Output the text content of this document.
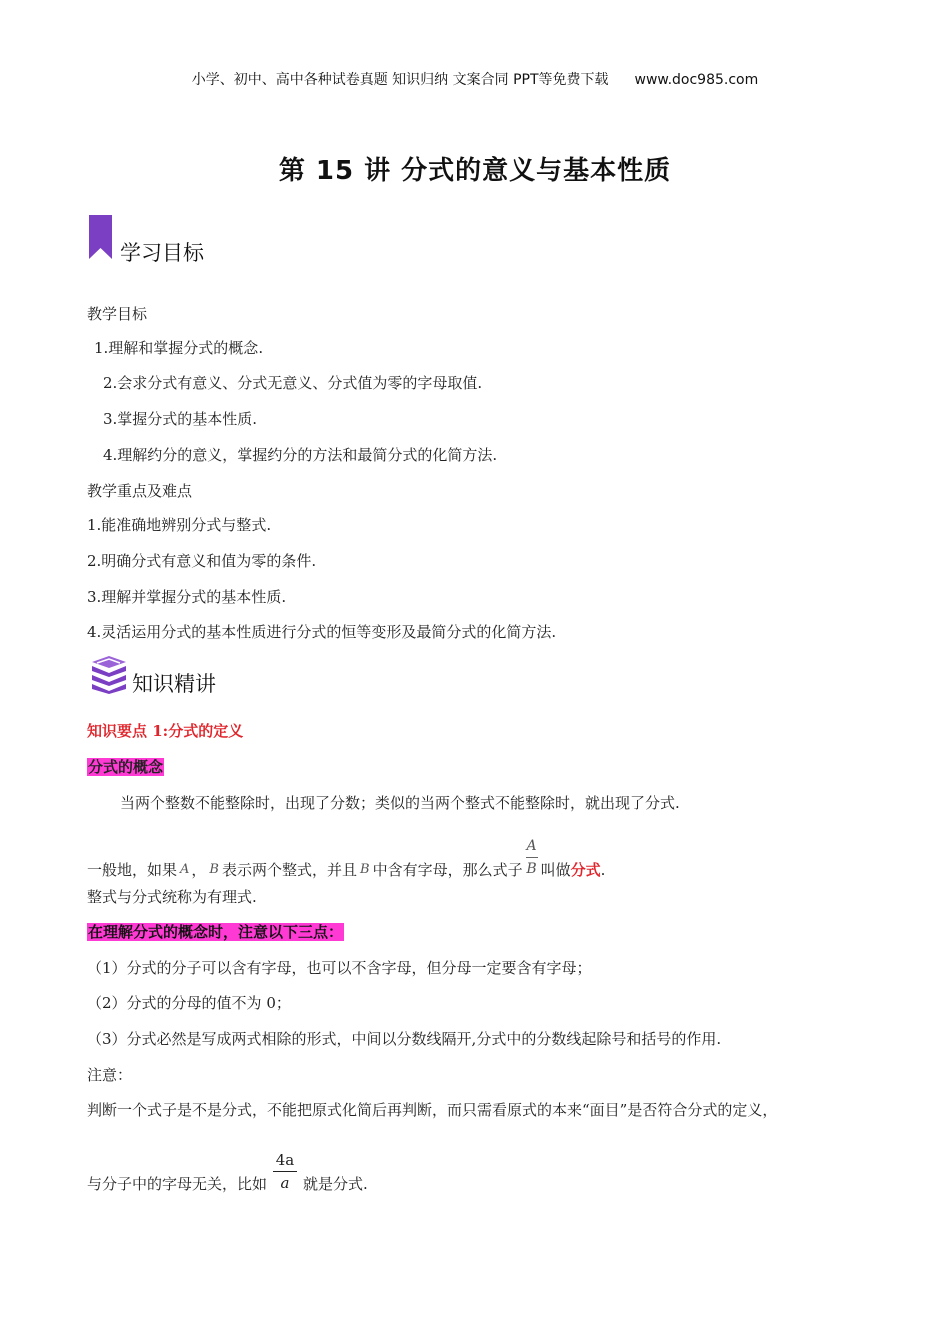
小学、初中、高中各种试卷真题 知识归纳 文案合同 PPT等免费下载 www.doc985.com
第 15 讲 分式的意义与基本性质
学习目标
教学目标
1.理解和掌握分式的概念.
2.会求分式有意义、分式无意义、分式值为零的字母取值.
3.掌握分式的基本性质.
4.理解约分的意义，掌握约分的方法和最简分式的化简方法.
教学重点及难点
1.能准确地辨别分式与整式.
2.明确分式有意义和值为零的条件.
3.理解并掌握分式的基本性质.
4.灵活运用分式的基本性质进行分式的恒等变形及最简分式的化简方法.
知识精讲
知识要点 1:分式的定义
分式的概念
当两个整数不能整除时，出现了分数；类似的当两个整式不能整除时，就出现了分式.
一般地，如果 A ， B 表示两个整式，并且 B 中含有字母，那么式子 $\frac{A}{B}$ 叫做 分式 .
整式与分式统称为有理式.
在理解分式的概念时，注意以下三点：
（1）分式的分子可以含有字母，也可以不含字母，但分母一定要含有字母；
（2）分式的分母的值不为 0；
（3）分式必然是写成两式相除的形式，中间以分数线隔开,分式中的分数线起除号和括号的作用.
注意：
判断一个式子是不是分式，不能把原式化简后再判断，而只需看原式的本来“面目”是否符合分式的定义，
与分子中的字母无关，比如 $\frac{4a}{a}$ 就是分式.
